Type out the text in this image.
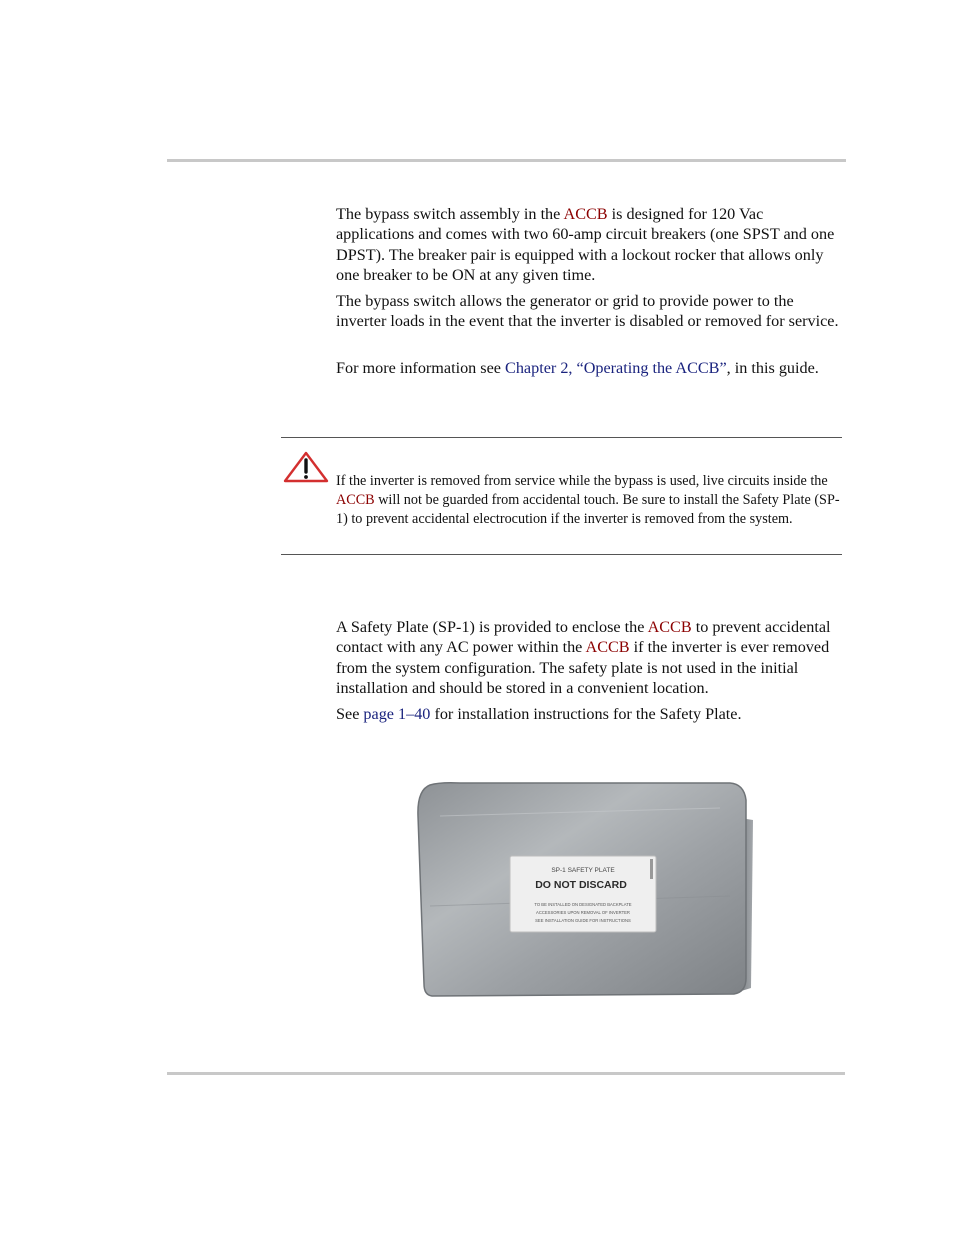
The bypass switch assembly in the ACCB is designed for 120 Vac applications and comes with two 60-amp circuit breakers (one SPST and one DPST). The breaker pair is equipped with a lockout rocker that allows only one breaker to be ON at any given time.

The bypass switch allows the generator or grid to provide power to the inverter loads in the event that the inverter is disabled or removed for service.

For more information see Chapter 2, “Operating the ACCB”, in this guide.

If the inverter is removed from service while the bypass is used, live circuits inside the ACCB will not be guarded from accidental touch. Be sure to install the Safety Plate (SP-1) to prevent accidental electrocution if the inverter is removed from the system.

A Safety Plate (SP-1) is provided to enclose the ACCB to prevent accidental contact with any AC power within the ACCB if the inverter is ever removed from the system configuration. The safety plate is not used in the initial installation and should be stored in a convenient location.

See page 1–40 for installation instructions for the Safety Plate.

SP-1 SAFETY PLATE
DO NOT DISCARD
TO BE INSTALLED ON DESIGNATED BACKPLATE
ACCESSORIES UPON REMOVAL OF INVERTER
SEE INSTALLATION GUIDE FOR INSTRUCTIONS
